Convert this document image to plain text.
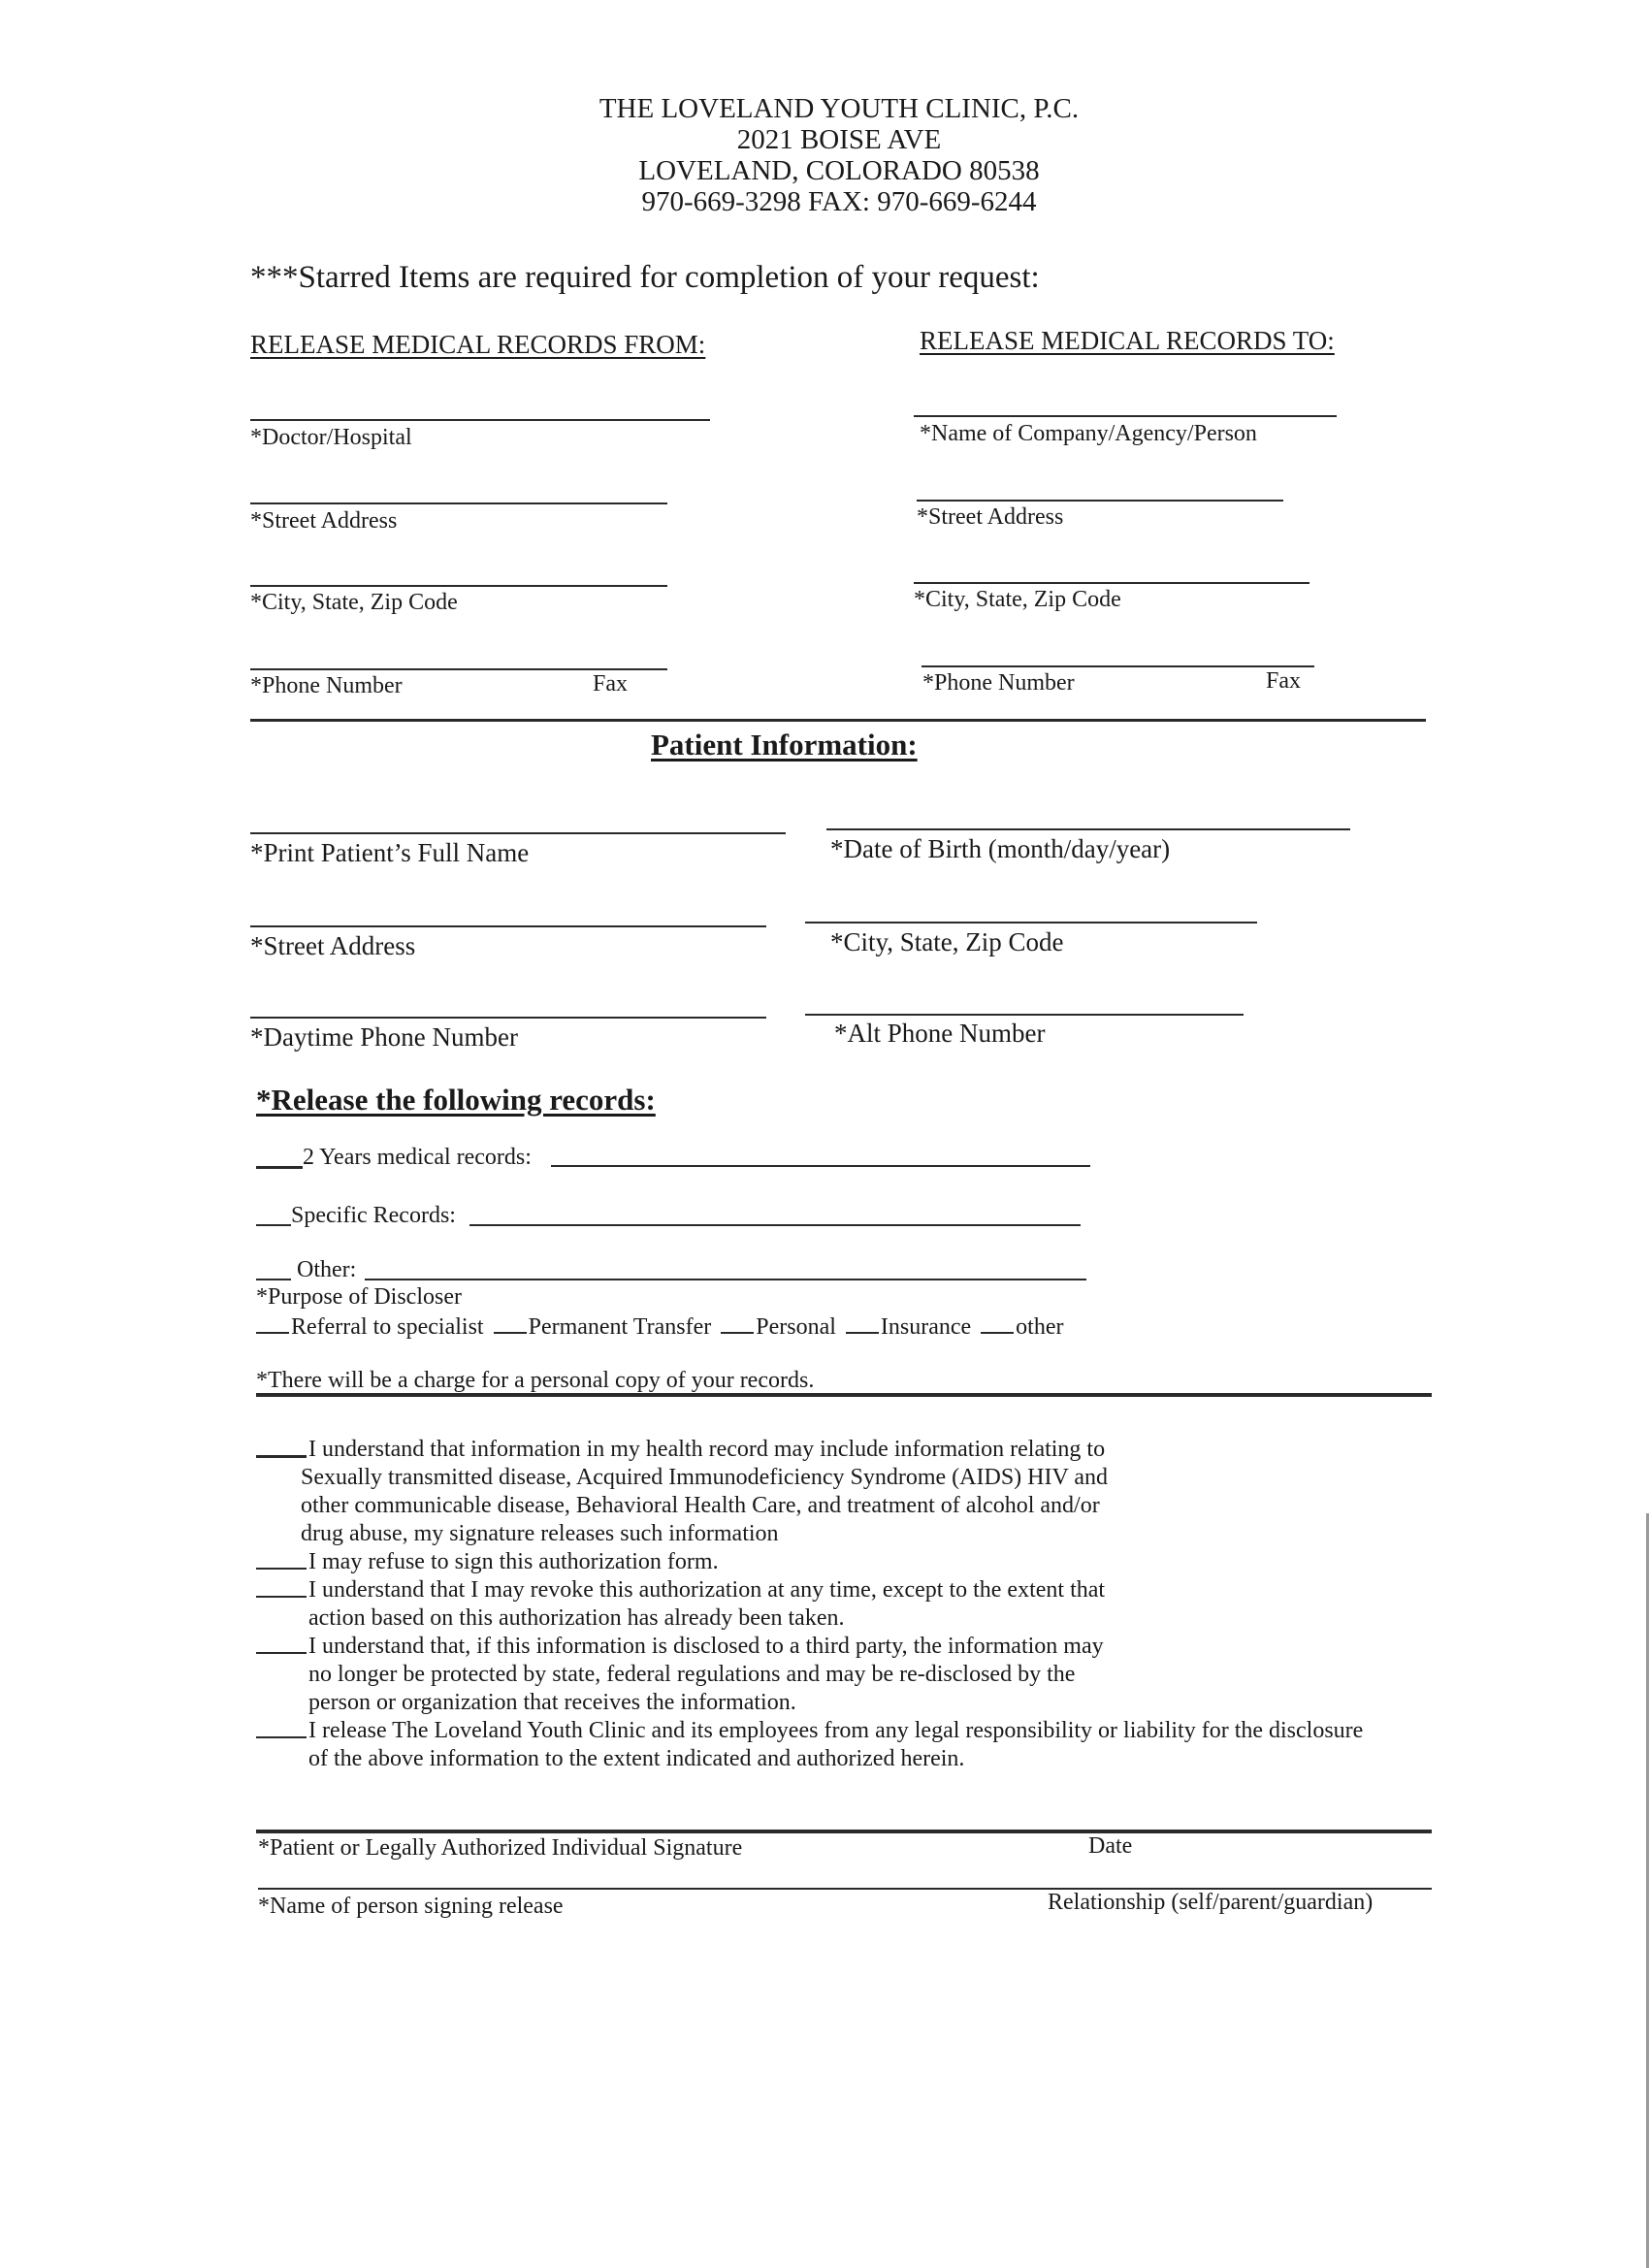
THE LOVELAND YOUTH CLINIC, P.C.
2021 BOISE AVE
LOVELAND, COLORADO 80538
970-669-3298 FAX: 970-669-6244
***Starred Items are required for completion of your request:
RELEASE MEDICAL RECORDS FROM:
*Doctor/Hospital
*Street Address
*City, State, Zip Code
*Phone Number	Fax
RELEASE MEDICAL RECORDS TO:
*Name of Company/Agency/Person
*Street Address
*City, State, Zip Code
*Phone Number	Fax
Patient Information:
*Print Patient’s Full Name	*Date of Birth (month/day/year)
*Street Address	*City, State, Zip Code
*Daytime Phone Number	*Alt Phone Number
*Release the following records:
2 Years medical records:
Specific Records:
Other:
*Purpose of Discloser
Referral to specialist Permanent Transfer Personal Insurance other
*There will be a charge for a personal copy of your records.
I understand that information in my health record may include information relating to
Sexually transmitted disease, Acquired Immunodeficiency Syndrome (AIDS) HIV and
other communicable disease, Behavioral Health Care, and treatment of alcohol and/or
drug abuse, my signature releases such information
I may refuse to sign this authorization form.
I understand that I may revoke this authorization at any time, except to the extent that
action based on this authorization has already been taken.
I understand that, if this information is disclosed to a third party, the information may
no longer be protected by state, federal regulations and may be re-disclosed by the
person or organization that receives the information.
I release The Loveland Youth Clinic and its employees from any legal responsibility or liability for the disclosure
of the above information to the extent indicated and authorized herein.
*Patient or Legally Authorized Individual Signature	Date
*Name of person signing release	Relationship (self/parent/guardian)
